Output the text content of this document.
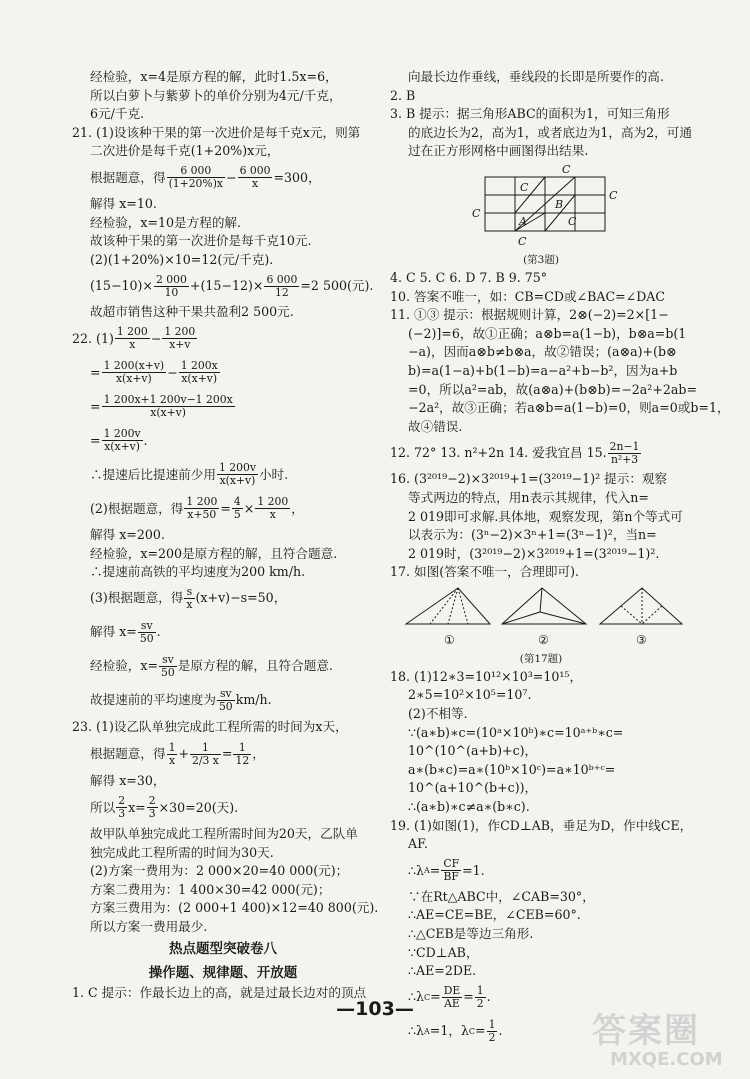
经检验，x=4是原方程的解，此时1.5x=6，
所以白萝卜与紫萝卜的单价分别为4元/千克，
6元/千克.
21. (1)设该种干果的第一次进价是每千克x元，则第
二次进价是每千克(1+20%)x元，
根据题意，得 $\frac{6 000}{(1+20\%)x} - \frac{6 000}{x} =300$，
解得 x=10.
经检验，x=10是方程的解.
故该种干果的第一次进价是每千克10元.
(2)(1+20%)×10=12(元/千克).
$(15-10)\times \frac{2 000}{10} +(15-12)\times \frac{6 000}{12} =2$ 500(元).
故超市销售这种干果共盈利2 500元.
22. $(1) \frac{1 200}{x} - \frac{1 200}{x+v}$
= $\frac{1 200(x+v)}{x(x+v)} - \frac{1 200x}{x(x+v)}$
= $\frac{1 200x+1 200v-1 200x}{x(x+v)}$
= $\frac{1 200v}{x(x+v)}$ .
∴提速后比提速前少用 $\frac{1 200v}{x(x+v)}$ 小时.
(2)根据题意，得 $\frac{1 200}{x+50} = \frac{4}{5} \times \frac{1 200}{x}$ ，
解得 x=200.
经检验，x=200是原方程的解，且符合题意.
∴提速前高铁的平均速度为200 km/h.
(3)根据题意，得 $\frac{s}{x} (x+v)-s=50$，
解得 $x= \frac{sv}{50}$ .
经检验，$x= \frac{sv}{50}$ 是原方程的解，且符合题意.
故提速前的平均速度为 $\frac{sv}{50} km/h$.
23. (1)设乙队单独完成此工程所需的时间为x天，
根据题意，得 $\frac{1}{x} + \frac{1}{2/3 x} = \frac{1}{12}$ ，
解得 x=30，
所以 $\frac{2}{3} x= \frac{2}{3} \times 30=20$(天).
故甲队单独完成此工程所需时间为20天，乙队单
独完成此工程所需的时间为30天.
(2)方案一费用为：2 000×20=40 000(元)；
方案二费用为：1 400×30=42 000(元)；
方案三费用为：(2 000+1 400)×12=40 800(元).
所以方案一费用最少.
热点题型突破卷八
操作题、规律题、开放题
1. C 提示：作最长边上的高，就是过最长边对的顶点
向最长边作垂线，垂线段的长即是所要作的高.
2. B
3. B 提示：据三角形ABC的面积为1，可知三角形
的底边长为2，高为1，或者底边为1，高为2，可通
过在正方形网格中画图得出结果.
C
C
C
B
C
A	C
C
(第3题)
4. C 5. C 6. D 7. B 9. 75°
10. 答案不唯一，如：CB=CD或∠BAC=∠DAC
11. ①③ 提示：根据规则计算，2⊗(−2)=2×[1−
(−2)]=6，故①正确；a⊗b=a(1−b)，b⊗a=b(1
−a)，因而a⊗b≠b⊗a，故②错误；(a⊗a)+(b⊗
b)=a(1−a)+b(1−b)=a−a²+b−b²，因为a+b
=0，所以a²=ab，故(a⊗a)+(b⊗b)=−2a²+2ab=
−2a²，故③正确；若a⊗b=a(1−b)=0，则a=0或b=1，
故④错误.
12. 72° 13. n²+2n 14. 爱我宜昌 15. $\frac{2n-1}{\text{n²+3}}$
16. (3²⁰¹⁹−2)×3²⁰¹⁹+1=(3²⁰¹⁹−1)² 提示：观察
等式两边的特点，用n表示其规律，代入n=
2 019即可求解.具体地，观察发现，第n个等式可
以表示为：(3ⁿ−2)×3ⁿ+1=(3ⁿ−1)²，当n=
2 019时，(3²⁰¹⁹−2)×3²⁰¹⁹+1=(3²⁰¹⁹−1)².
17. 如图(答案不唯一，合理即可).
①	②	③
(第17题)
18. (1)12∗3=10¹²×10³=10¹⁵，
2∗5=10²×10⁵=10⁷.
(2)不相等.
∵(a∗b)∗c=(10ᵃ×10ᵇ)∗c=10ᵃ⁺ᵇ∗c=
10^(10^(a+b)+c)，
a∗(b∗c)=a∗(10ᵇ×10ᶜ)=a∗10ᵇ⁺ᶜ=
10^(a+10^(b+c))，
∴(a∗b)∗c≠a∗(b∗c).
19. (1)如图(1)，作CD⊥AB，垂足为D，作中线CE，
AF.
∴λ $A = \frac{CF}{BF} =1$.
∵在Rt△ABC中，∠CAB=30°，
∴AE=CE=BE，∠CEB=60°.
∴△CEB是等边三角形.
∵CD⊥AB，
∴AE=2DE.
∴λ $C = \frac{DE}{AE} = \frac{1}{2}$ .
∴λ A =1，λ $C = \frac{1}{2}$ .
—103—
答案圈
MXQE.COM
